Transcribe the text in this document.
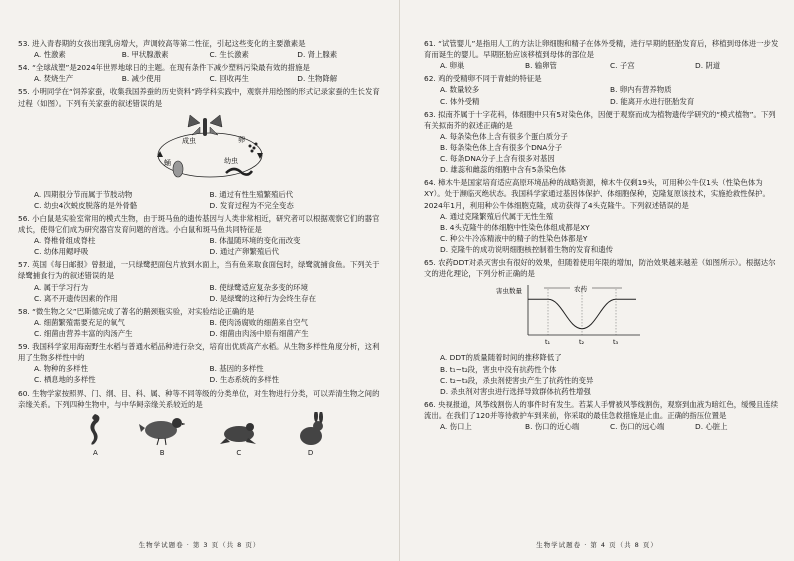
53. 进入青春期的女孩出现乳房增大，声调较高等第二性征，引起这些变化的主要激素是
A. 性激素	B. 甲状腺激素	C. 生长激素	D. 肾上腺素
54. “全球战塑”是2024年世界地球日的主题。在现有条件下减少塑料污染最有效的措施是
A. 焚烧生产	B. 减少使用	C. 回收再生	D. 生物降解
55. 小明同学在“饲养家蚕，收集我国养蚕的历史资料”跨学科实践中，观察并用绘图的形式记录家蚕的生长发育过程（如图）。下列有关家蚕的叙述错误的是
成虫	卵
幼虫
蛹
A. 四期很分节而属于节肢动物	B. 通过有性生殖繁殖后代
C. 幼虫4次蜕皮脱落的是外骨骼	D. 发育过程为不完全变态
56. 小白鼠是实验室常用的模式生物，由于斑马鱼的遗传基因与人类非常相近，研究者可以根据观察它们的器官成长，使得它们成为研究器官发育问题的首选。小白鼠和斑马鱼共同特征是
A. 脊椎骨组成脊柱	B. 体温随环境的变化而改变
C. 幼体用鳃呼吸	D. 通过产卵繁殖后代
57. 英国《每日邮报》曾报道，一只绿鹭把面包片放到水面上，当有鱼来取食面包时，绿鹭就捕食鱼。下列关于绿鹭捕食行为的叙述错误的是
A. 属于学习行为	B. 使绿鹭适应复杂多变的环境
C. 离不开遗传因素的作用	D. 是绿鹭的这种行为会终生存在
58. “微生物之父”巴斯德完成了著名的鹅颈瓶实验，对实验结论正确的是
A. 细菌繁殖需要充足的氧气	B. 使肉汤腐败的细菌来自空气
C. 细菌由营养丰富的肉汤产生	D. 细菌由肉汤中原有细菌产生
59. 我国科学家用海南野生水稻与普通水稻品种进行杂交，培育出优质高产水稻。从生物多样性角度分析，这利用了生物多样性中的
A. 物种的多样性	B. 基因的多样性
C. 栖息地的多样性	D. 生态系统的多样性
60. 生物学家按照界、门、纲、目、科、属、种等不同等级的分类单位，对生物进行分类，可以弄清生物之间的亲缘关系。下列四种生物中，与中华鲟亲缘关系较近的是
A	B	C	D
生物学试题卷 · 第 3 页（共 8 页）
61. “试管婴儿”是指用人工的方法让卵细胞和精子在体外受精，进行早期的胚胎发育后，移植到母体进一步发育而诞生的婴儿。早期胚胎应该移植到母体的部位是
A. 卵巢	B. 输卵管	C. 子宫	D. 阴道
62. 鸡的受精卵不同于青蛙的特征是
A. 数量较多	B. 卵内有营养物质
C. 体外受精	D. 能离开水进行胚胎发育
63. 拟南芥属于十字花科，体细胞中只有5对染色体，因便于观察而成为植物遗传学研究的“模式植物”。下列有关拟南芥的叙述正确的是
A. 每条染色体上含有很多个蛋白质分子
B. 每条染色体上含有很多个DNA分子
C. 每条DNA分子上含有很多对基因
D. 雄蕊和雌蕊的细胞中含有5条染色体
64. 樟木牛是国家培育适应高原环境品种的战略资源，樟木牛仅剩19头，可用种公牛仅1头（性染色体为XY）。处于濒临灭绝状态。我国科学家通过基因体保护、体细胞保种，克隆复原该技术，实施抢救性保护。2024年1月，利用种公牛体细胞克隆，成功获得了4头克隆牛。下列叙述错误的是
A. 通过克隆繁殖后代属于无性生殖
B. 4头克隆牛的体细胞中性染色体组成都是XY
C. 种公牛冷冻精液中的精子的性染色体都是Y
D. 克隆牛的成功说明细胞核控制着生物的发育和遗传
65. 农药DDT对杀灭害虫有很好的效果，但随着使用年限的增加，防治效果越来越差（如图所示）。根据达尔文的进化理论，下列分析正确的是
害虫数量	农药
t₁	t₂	t₃
A. DDT的质量随着时间的推移降低了
B. t₁~t₂段，害虫中没有抗药性个体
C. t₂~t₃段，杀虫剂使害虫产生了抗药性的变异
D. 杀虫剂对害虫进行选择导致群体抗药性增强
66. 央视报道，风筝线割伤人的事件时有发生。若某人手臂被风筝线割伤，观察到血液为暗红色，缓慢且连续流出。在我们了120并等待救护车到来前，你采取的最佳急救措施是止血。正确的指压位置是
A. 伤口上	B. 伤口的近心端	C. 伤口的远心端	D. 心脏上
生物学试题卷 · 第 4 页（共 8 页）
